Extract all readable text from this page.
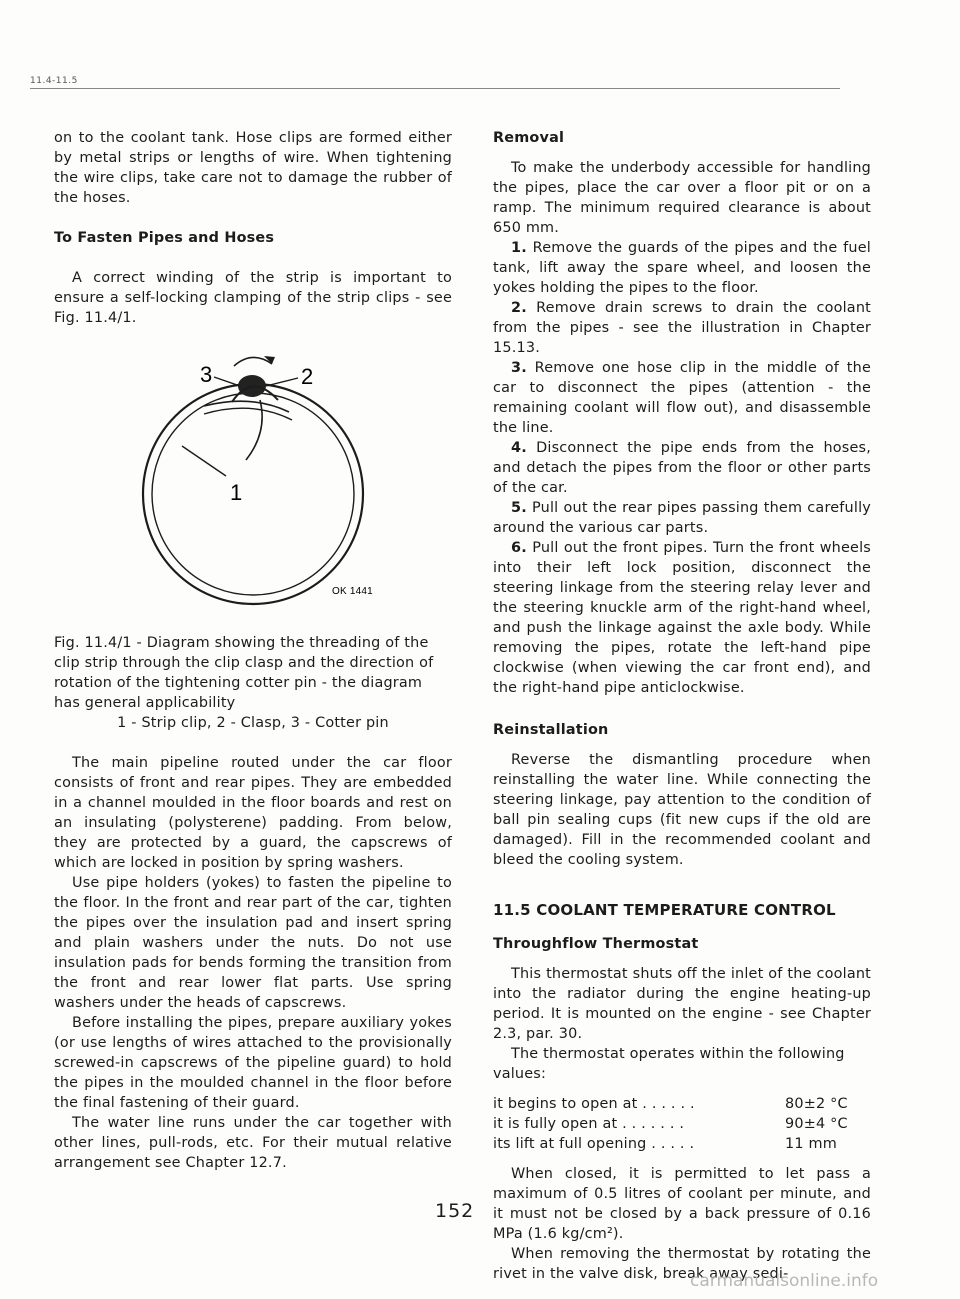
11.4-11.5

on to the coolant tank. Hose clips are formed either by metal strips or lengths of wire. When tightening the wire clips, take care not to damage the rubber of the hoses.

To Fasten Pipes and Hoses

A correct winding of the strip is important to ensure a self-locking clamping of the strip clips - see Fig. 11.4/1.

3	2
1
OK 1441

Fig. 11.4/1 - Diagram showing the threading of the clip strip through the clip clasp and the direction of rotation of the tightening cotter pin - the diagram has general applicability

1 - Strip clip, 2 - Clasp, 3 - Cotter pin

The main pipeline routed under the car floor consists of front and rear pipes. They are embedded in a channel moulded in the floor boards and rest on an insulating (polysterene) padding. From below, they are protected by a guard, the capscrews of which are locked in position by spring washers.

Use pipe holders (yokes) to fasten the pipeline to the floor. In the front and rear part of the car, tighten the pipes over the insulation pad and insert spring and plain washers under the nuts. Do not use insulation pads for bends forming the transition from the front and rear lower flat parts. Use spring washers under the heads of capscrews.

Before installing the pipes, prepare auxiliary yokes (or use lengths of wires attached to the provisionally screwed-in capscrews of the pipeline guard) to hold the pipes in the moulded channel in the floor before the final fastening of their guard.

The water line runs under the car together with other lines, pull-rods, etc. For their mutual relative arrangement see Chapter 12.7.

Removal

To make the underbody accessible for handling the pipes, place the car over a floor pit or on a ramp. The minimum required clearance is about 650 mm.

1. Remove the guards of the pipes and the fuel tank, lift away the spare wheel, and loosen the yokes holding the pipes to the floor.

2. Remove drain screws to drain the coolant from the pipes - see the illustration in Chapter 15.13.

3. Remove one hose clip in the middle of the car to disconnect the pipes (attention - the remaining coolant will flow out), and disassemble the line.

4. Disconnect the pipe ends from the hoses, and detach the pipes from the floor or other parts of the car.

5. Pull out the rear pipes passing them carefully around the various car parts.

6. Pull out the front pipes. Turn the front wheels into their left lock position, disconnect the steering linkage from the steering relay lever and the steering knuckle arm of the right-hand wheel, and push the linkage against the axle body. While removing the pipes, rotate the left-hand pipe clockwise (when viewing the car front end), and the right-hand pipe anticlockwise.

Reinstallation

Reverse the dismantling procedure when reinstalling the water line. While connecting the steering linkage, pay attention to the condition of ball pin sealing cups (fit new cups if the old are damaged). Fill in the recommended coolant and bleed the cooling system.

11.5 COOLANT TEMPERATURE CONTROL
Throughflow Thermostat

This thermostat shuts off the inlet of the coolant into the radiator during the engine heating-up period. It is mounted on the engine - see Chapter 2.3, par. 30.

The thermostat operates within the following values:

it begins to open at . . . . . .	80±2 °C
it is fully open at . . . . . . .	90±4 °C
its lift at full opening . . . . .	11 mm

When closed, it is permitted to let pass a maximum of 0.5 litres of coolant per minute, and it must not be closed by a back pressure of 0.16 MPa (1.6 kg/cm²).

When removing the thermostat by rotating the rivet in the valve disk, break away sedi-

152
carmanualsonline.info
